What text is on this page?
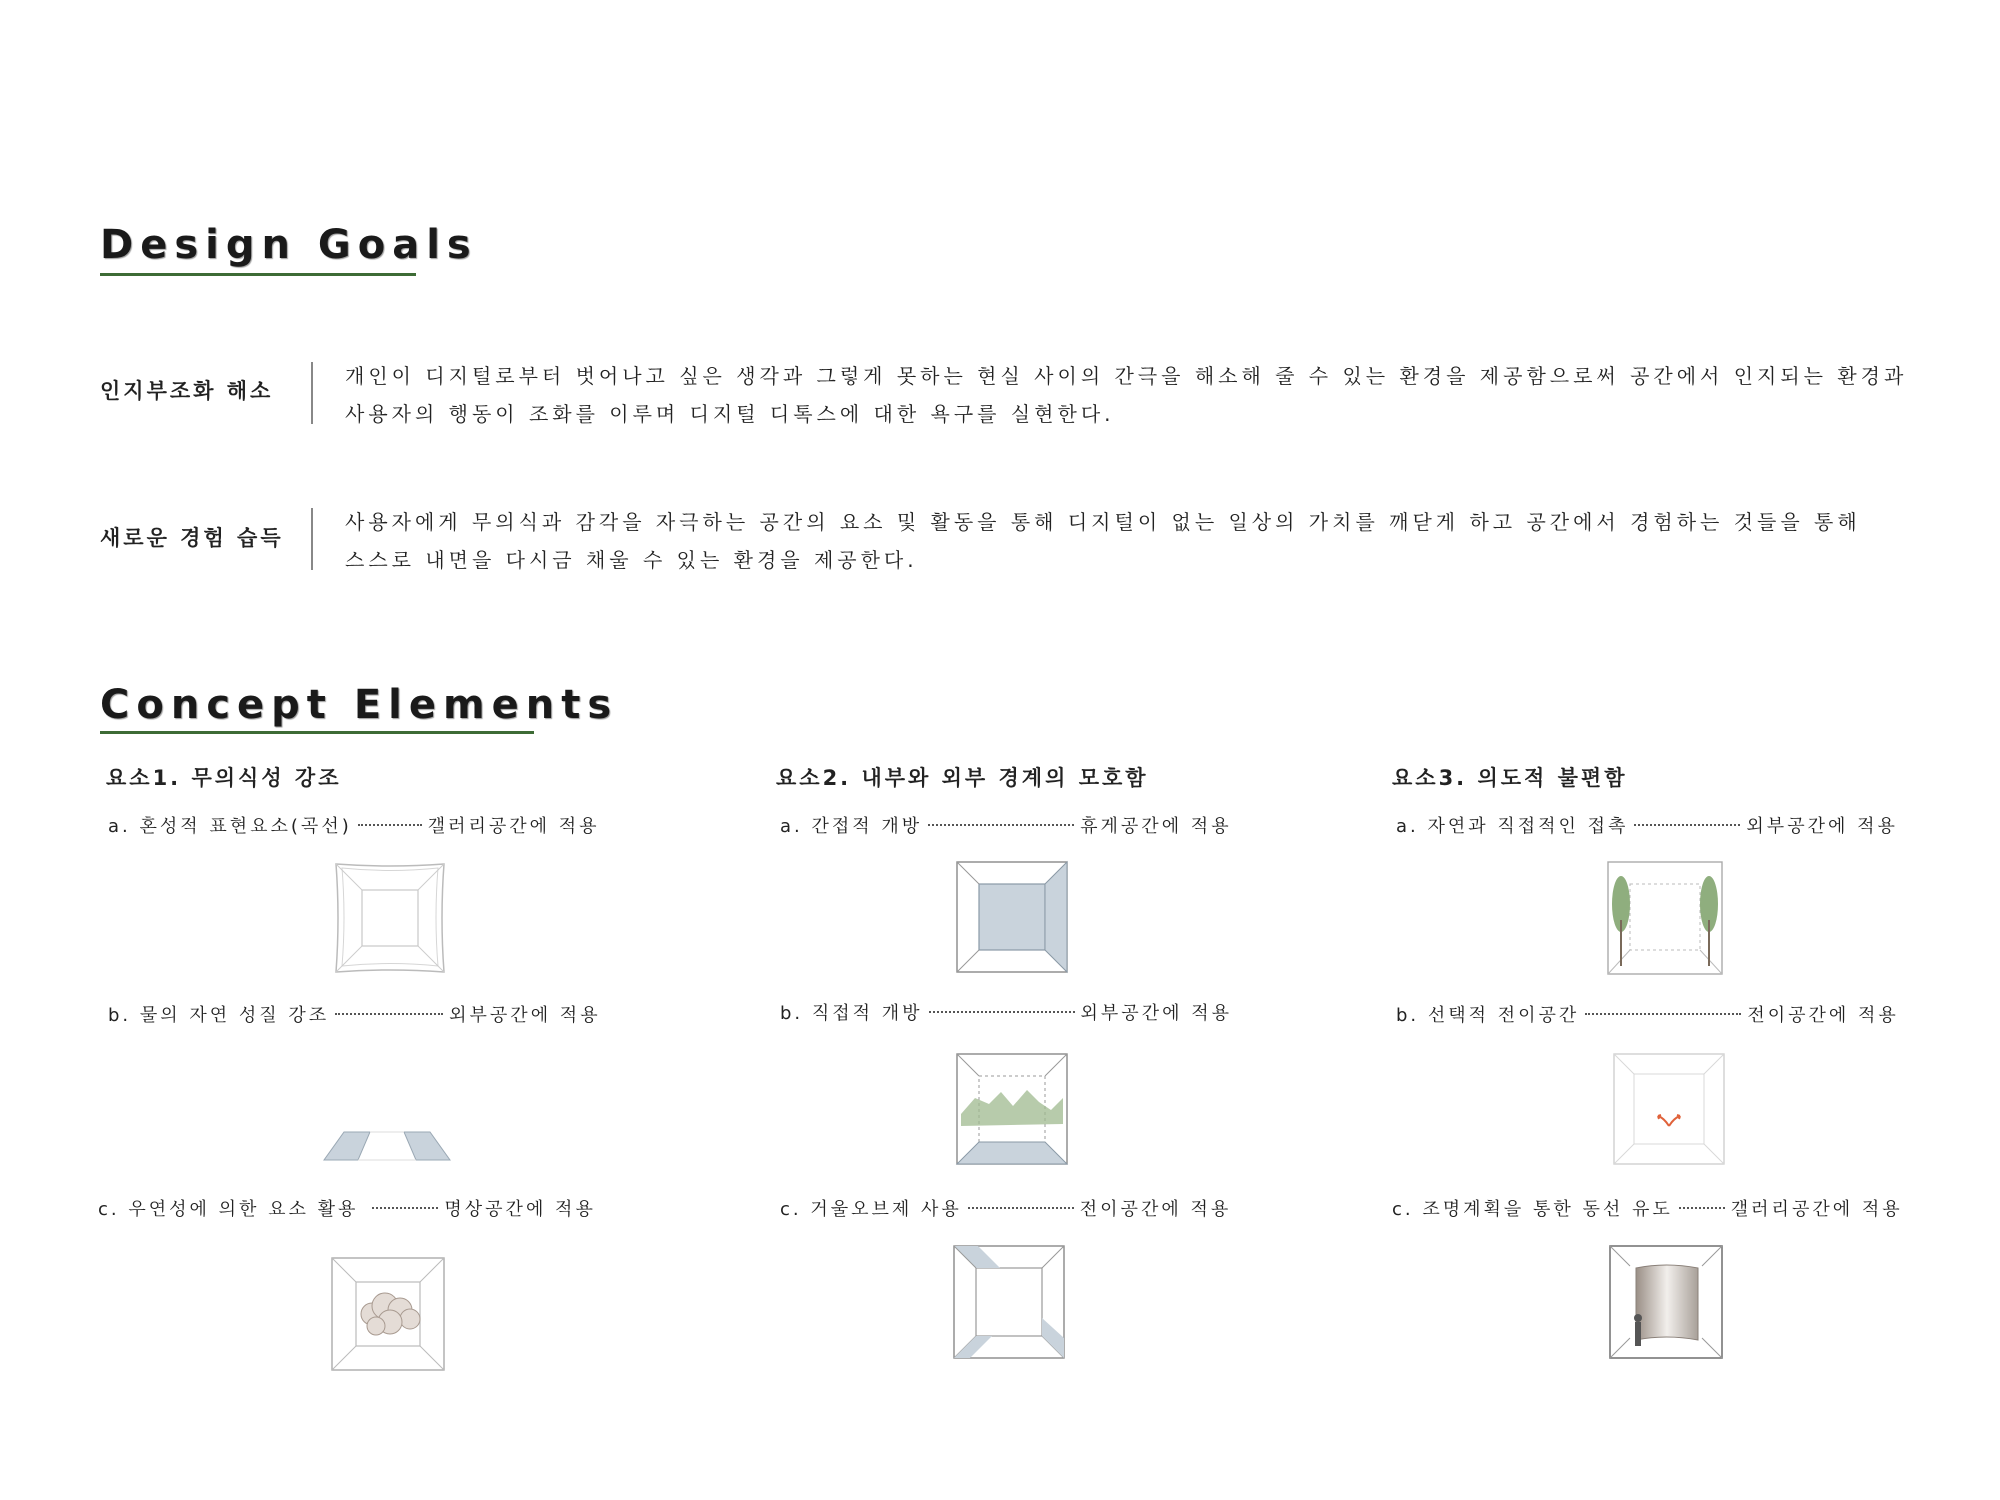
Design Goals
인지부조화 해소

개인이 디지털로부터 벗어나고 싶은 생각과 그렇게 못하는 현실 사이의 간극을 해소해 줄 수 있는 환경을 제공함으로써 공간에서 인지되는 환경과
사용자의 행동이 조화를 이루며 디지털 디톡스에 대한 욕구를 실현한다.

새로운 경험 습득

사용자에게 무의식과 감각을 자극하는 공간의 요소 및 활동을 통해 디지털이 없는 일상의 가치를 깨닫게 하고 공간에서 경험하는 것들을 통해
스스로 내면을 다시금 채울 수 있는 환경을 제공한다.

Concept Elements
요소1. 무의식성 강조
a. 혼성적 표현요소(곡선)	갤러리공간에 적용
b. 물의 자연 성질 강조	외부공간에 적용
c. 우연성에 의한 요소 활용	명상공간에 적용
요소2. 내부와 외부 경계의 모호함
a. 간접적 개방	휴게공간에 적용
b. 직접적 개방	외부공간에 적용
c. 거울오브제 사용	전이공간에 적용
요소3. 의도적 불편함
a. 자연과 직접적인 접촉	외부공간에 적용
b. 선택적 전이공간	전이공간에 적용
c. 조명계획을 통한 동선 유도	갤러리공간에 적용
